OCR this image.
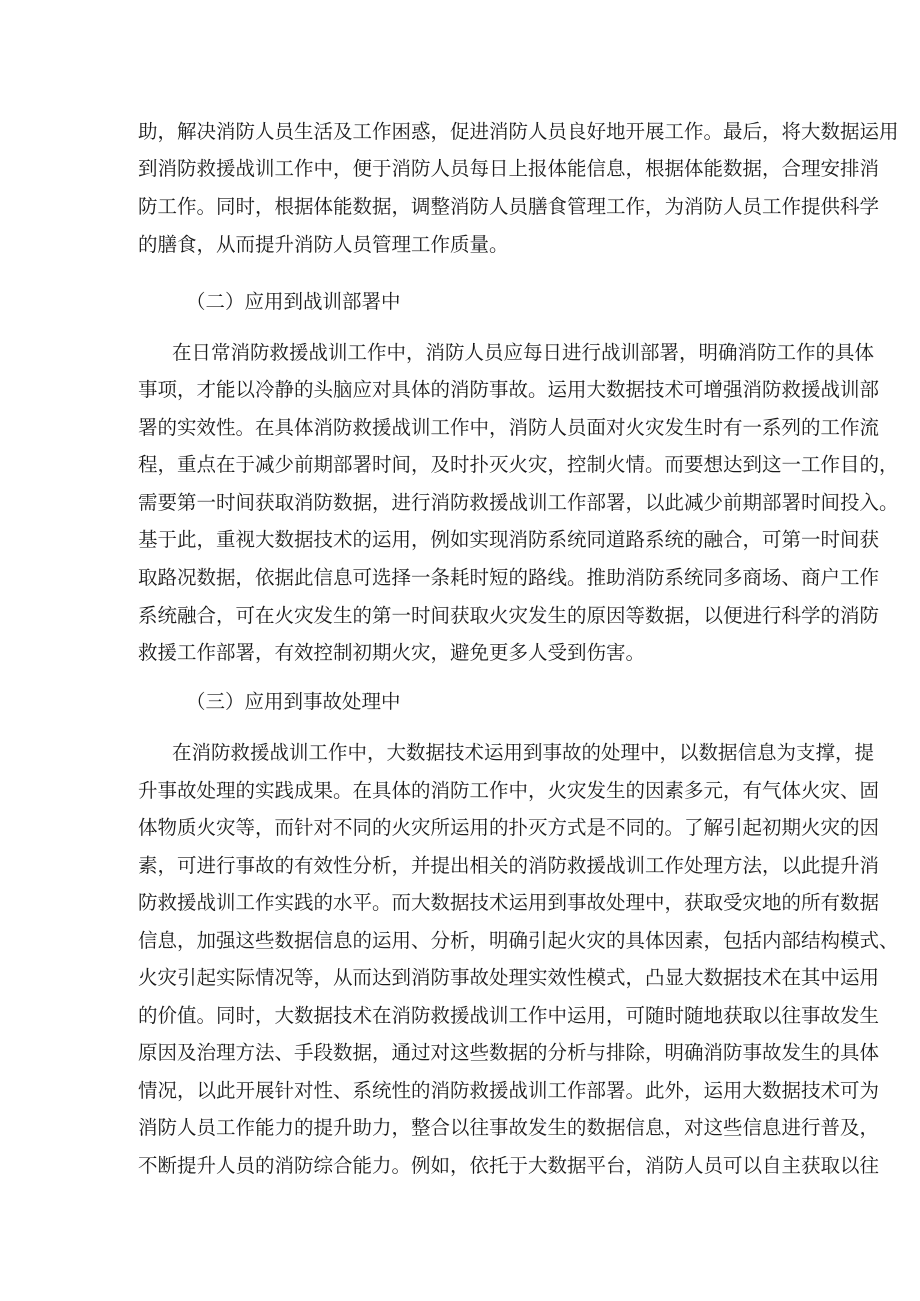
助，解决消防人员生活及工作困惑，促进消防人员良好地开展工作。最后，将大数据运用
到消防救援战训工作中，便于消防人员每日上报体能信息，根据体能数据，合理安排消
防工作。同时，根据体能数据，调整消防人员膳食管理工作，为消防人员工作提供科学
的膳食，从而提升消防人员管理工作质量。
（二）应用到战训部署中
在日常消防救援战训工作中，消防人员应每日进行战训部署，明确消防工作的具体
事项，才能以冷静的头脑应对具体的消防事故。运用大数据技术可增强消防救援战训部
署的实效性。在具体消防救援战训工作中，消防人员面对火灾发生时有一系列的工作流
程，重点在于减少前期部署时间，及时扑灭火灾，控制火情。而要想达到这一工作目的，
需要第一时间获取消防数据，进行消防救援战训工作部署，以此减少前期部署时间投入。
基于此，重视大数据技术的运用，例如实现消防系统同道路系统的融合，可第一时间获
取路况数据，依据此信息可选择一条耗时短的路线。推助消防系统同多商场、商户工作
系统融合，可在火灾发生的第一时间获取火灾发生的原因等数据，以便进行科学的消防
救援工作部署，有效控制初期火灾，避免更多人受到伤害。
（三）应用到事故处理中
在消防救援战训工作中，大数据技术运用到事故的处理中，以数据信息为支撑，提
升事故处理的实践成果。在具体的消防工作中，火灾发生的因素多元，有气体火灾、固
体物质火灾等，而针对不同的火灾所运用的扑灭方式是不同的。了解引起初期火灾的因
素，可进行事故的有效性分析，并提出相关的消防救援战训工作处理方法，以此提升消
防救援战训工作实践的水平。而大数据技术运用到事故处理中，获取受灾地的所有数据
信息，加强这些数据信息的运用、分析，明确引起火灾的具体因素，包括内部结构模式、
火灾引起实际情况等，从而达到消防事故处理实效性模式，凸显大数据技术在其中运用
的价值。同时，大数据技术在消防救援战训工作中运用，可随时随地获取以往事故发生
原因及治理方法、手段数据，通过对这些数据的分析与排除，明确消防事故发生的具体
情况，以此开展针对性、系统性的消防救援战训工作部署。此外，运用大数据技术可为
消防人员工作能力的提升助力，整合以往事故发生的数据信息，对这些信息进行普及，
不断提升人员的消防综合能力。例如，依托于大数据平台，消防人员可以自主获取以往
